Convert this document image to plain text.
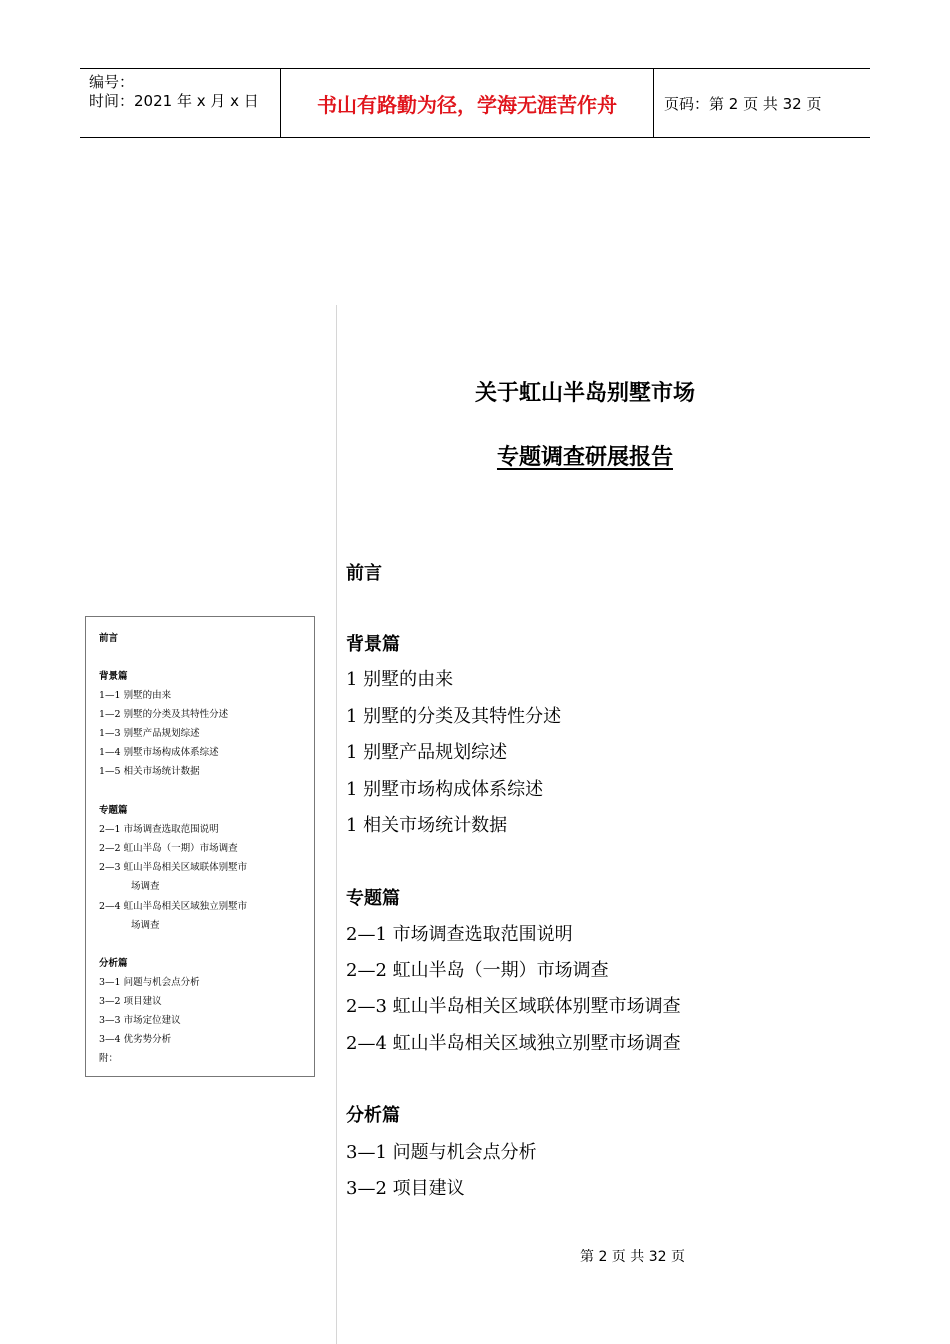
编号：
时间：2021 年 x 月 x 日	书山有路勤为径，学海无涯苦作舟	页码：第 2 页 共 32 页
关于虹山半岛别墅市场
专题调查研展报告
前言
背景篇
1 别墅的由来
1 别墅的分类及其特性分述
1 别墅产品规划综述
1 别墅市场构成体系综述
1 相关市场统计数据
专题篇
2—1 市场调查选取范围说明
2—2 虹山半岛（一期）市场调查
2—3 虹山半岛相关区域联体别墅市场调查
2—4 虹山半岛相关区域独立别墅市场调查
分析篇
3—1 问题与机会点分析
3—2 项目建议
前言
背景篇
1—1 别墅的由来
1—2 别墅的分类及其特性分述
1—3 别墅产品规划综述
1—4 别墅市场构成体系综述
1—5 相关市场统计数据
专题篇
2—1 市场调查选取范围说明
2—2 虹山半岛（一期）市场调查
2—3 虹山半岛相关区域联体别墅市
场调查
2—4 虹山半岛相关区域独立别墅市
场调查
分析篇
3—1 问题与机会点分析
3—2 项目建议
3—3 市场定位建议
3—4 优劣势分析
附：
第 2 页 共 32 页
